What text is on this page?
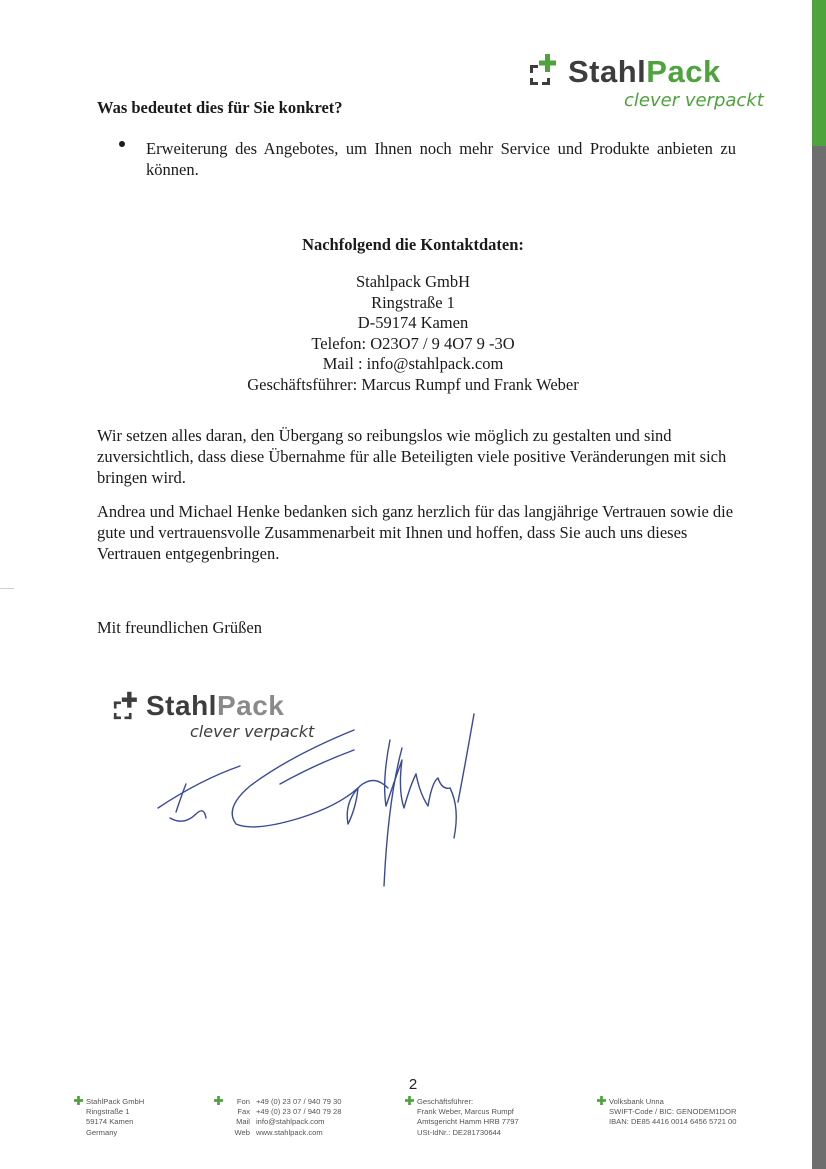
StahlPack
clever verpackt
Was bedeutet dies für Sie konkret?
Erweiterung des Angebotes, um Ihnen noch mehr Service und Produkte anbieten zu können.
Nachfolgend die Kontaktdaten:
Stahlpack GmbH
Ringstraße 1
D-59174 Kamen
Telefon: O23O7 / 9 4O7 9 -3O
Mail : info@stahlpack.com
Geschäftsführer: Marcus Rumpf und Frank Weber
Wir setzen alles daran, den Übergang so reibungslos wie möglich zu gestalten und sind zuversichtlich, dass diese Übernahme für alle Beteiligten viele positive Veränderungen mit sich bringen wird.
Andrea und Michael Henke bedanken sich ganz herzlich für das langjährige Vertrauen sowie die gute und vertrauensvolle Zusammenarbeit mit Ihnen und hoffen, dass Sie auch uns dieses Vertrauen entgegenbringen.
Mit freundlichen Grüßen
StahlPack
clever verpackt
2
StahlPack GmbH
Ringstraße 1
59174 Kamen
Germany
Fon +49 (0) 23 07 / 940 79 30
Fax +49 (0) 23 07 / 940 79 28
Mail info@stahlpack.com
Web www.stahlpack.com
Geschäftsführer:
Frank Weber, Marcus Rumpf
Amtsgericht Hamm HRB 7797
USt-IdNr.: DE281730644
Volksbank Unna
SWIFT-Code / BIC: GENODEM1DOR
IBAN: DE85 4416 0014 6456 5721 00
